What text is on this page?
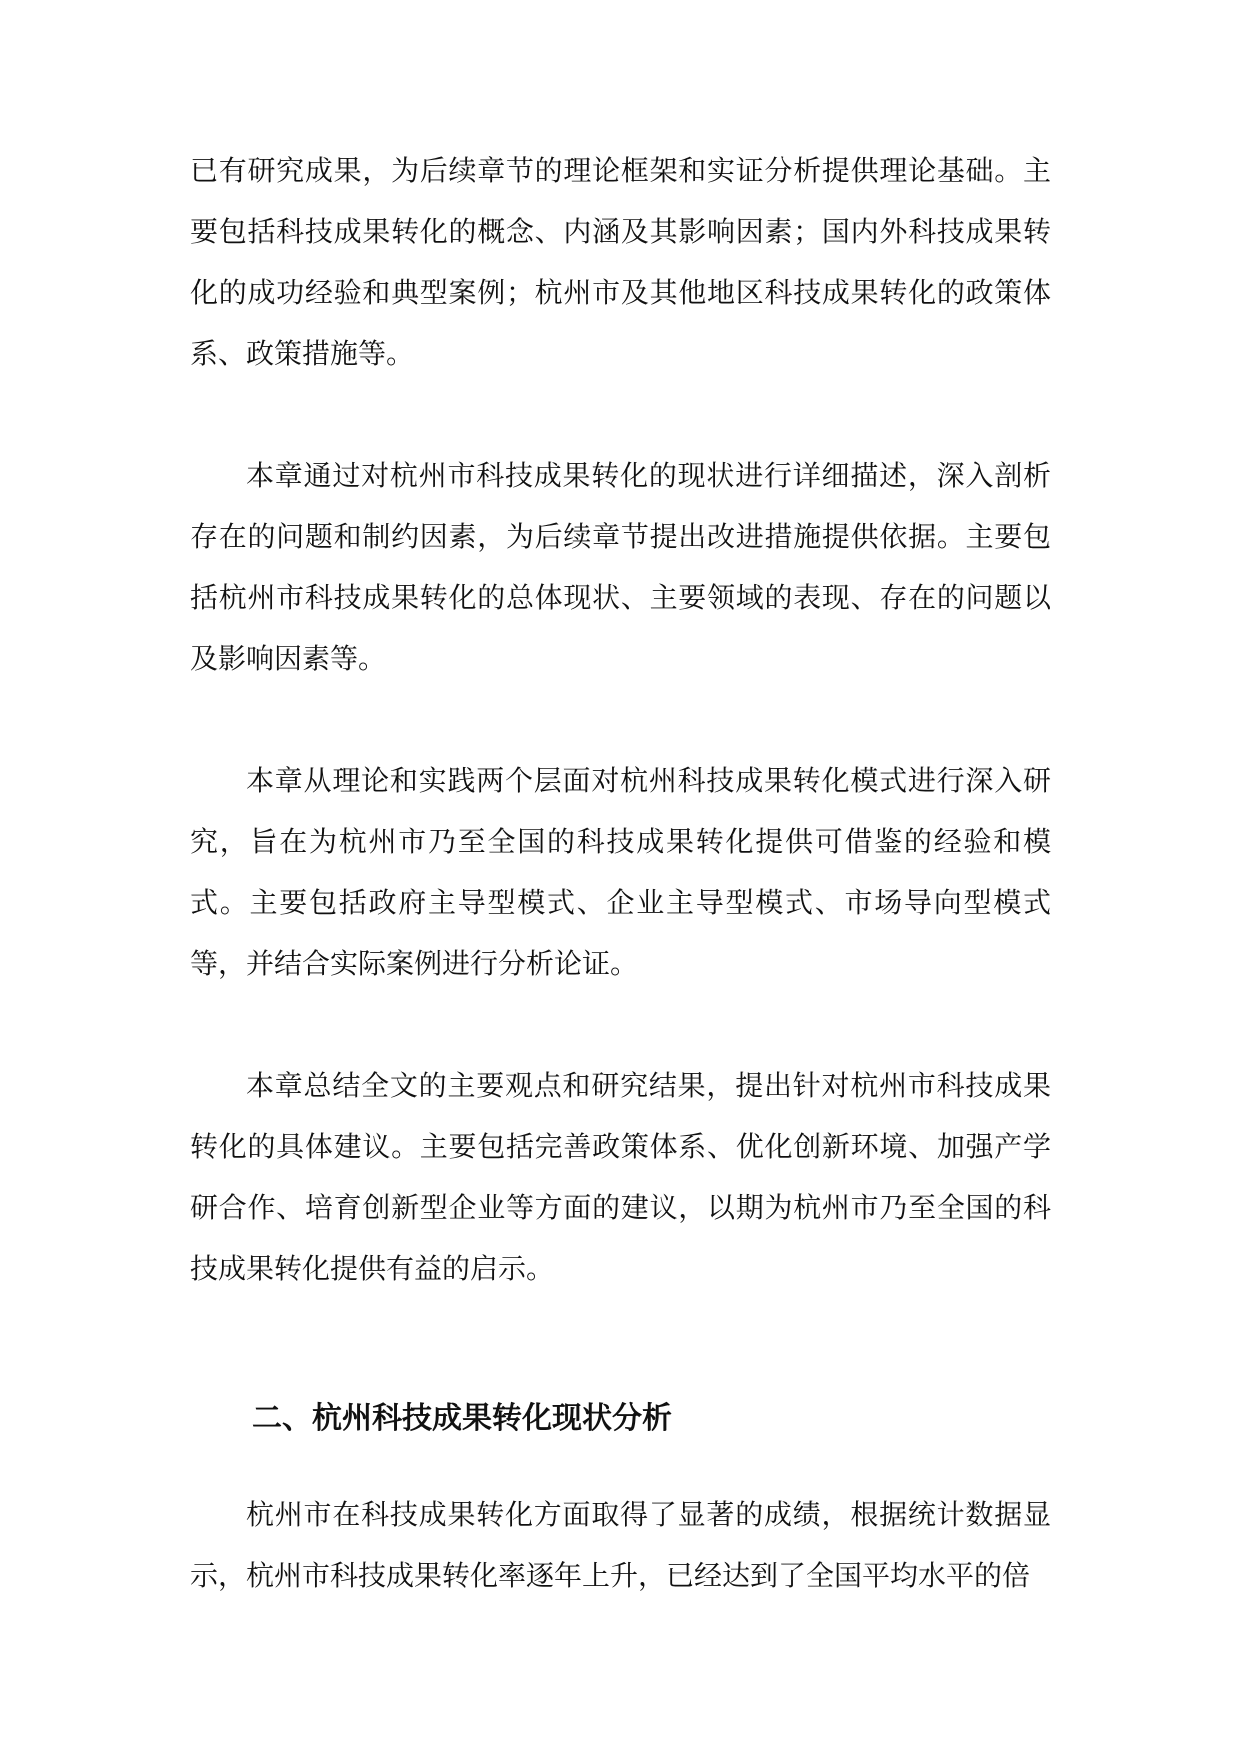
已有研究成果，为后续章节的理论框架和实证分析提供理论基础。主要包括科技成果转化的概念、内涵及其影响因素；国内外科技成果转化的成功经验和典型案例；杭州市及其他地区科技成果转化的政策体系、政策措施等。

本章通过对杭州市科技成果转化的现状进行详细描述，深入剖析存在的问题和制约因素，为后续章节提出改进措施提供依据。主要包括杭州市科技成果转化的总体现状、主要领域的表现、存在的问题以及影响因素等。

本章从理论和实践两个层面对杭州科技成果转化模式进行深入研究，旨在为杭州市乃至全国的科技成果转化提供可借鉴的经验和模式。主要包括政府主导型模式、企业主导型模式、市场导向型模式等，并结合实际案例进行分析论证。

本章总结全文的主要观点和研究结果，提出针对杭州市科技成果转化的具体建议。主要包括完善政策体系、优化创新环境、加强产学研合作、培育创新型企业等方面的建议，以期为杭州市乃至全国的科技成果转化提供有益的启示。

二、杭州科技成果转化现状分析

杭州市在科技成果转化方面取得了显著的成绩，根据统计数据显示，杭州市科技成果转化率逐年上升，已经达到了全国平均水平的倍
